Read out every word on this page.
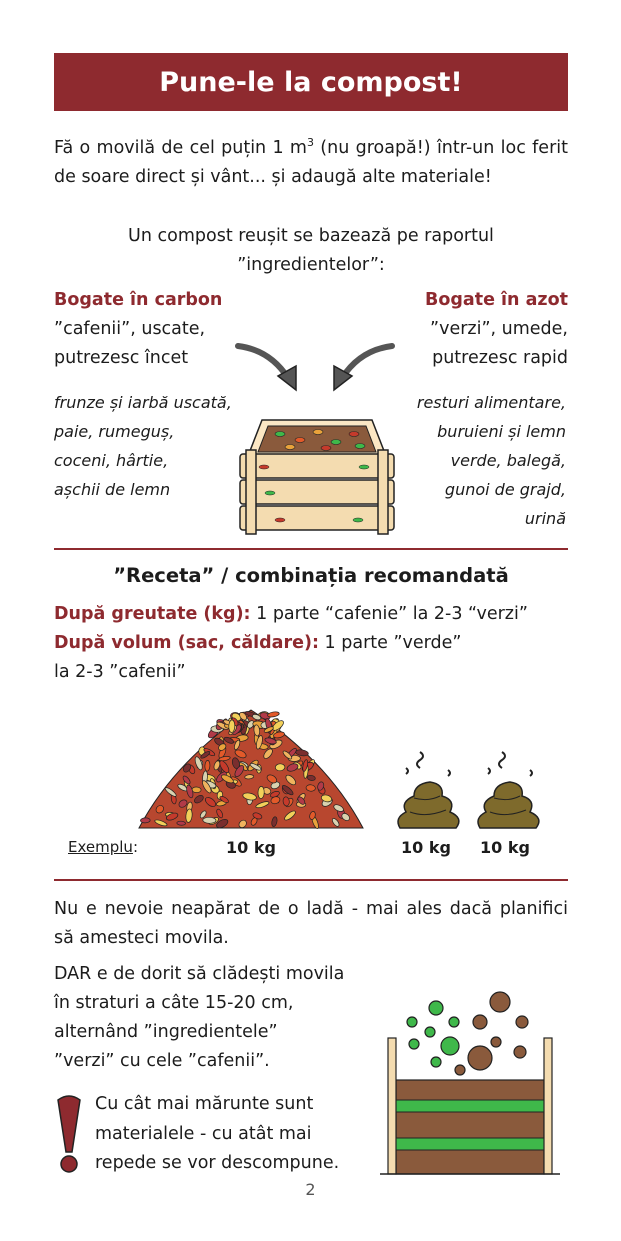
Pune-le la compost!
Fă o movilă de cel puțin 1 $m^3$ (nu groapă!) într-un loc ferit de soare direct și vânt... și adaugă alte materiale!
Un compost reușit se bazează pe raportul
”ingredientelor”:
Bogate în carbon
”cafenii”, uscate,
putrezesc încet
frunze și iarbă uscată,
paie, rumeguș,
coceni, hârtie,
așchii de lemn
Bogate în azot
”verzi”, umede,
putrezesc rapid
resturi alimentare,
buruieni și lemn
verde, balegă,
gunoi de grajd,
urină
”Receta” / combinația recomandată
După greutate (kg): 1 parte “cafenie” la 2-3 “verzi”
După volum (sac, căldare): 1 parte ”verde”
la 2-3 ”cafenii”
Exemplu:	10 kg	10 kg 10 kg
Nu e nevoie neapărat de o ladă - mai ales dacă planifici să amesteci movila.
DAR e de dorit să clădești movila
în straturi a câte 15-20 cm,
alternând ”ingredientele”
”verzi” cu cele ”cafenii”.
Cu cât mai mărunte sunt
materialele - cu atât mai
repede se vor descompune.
2
